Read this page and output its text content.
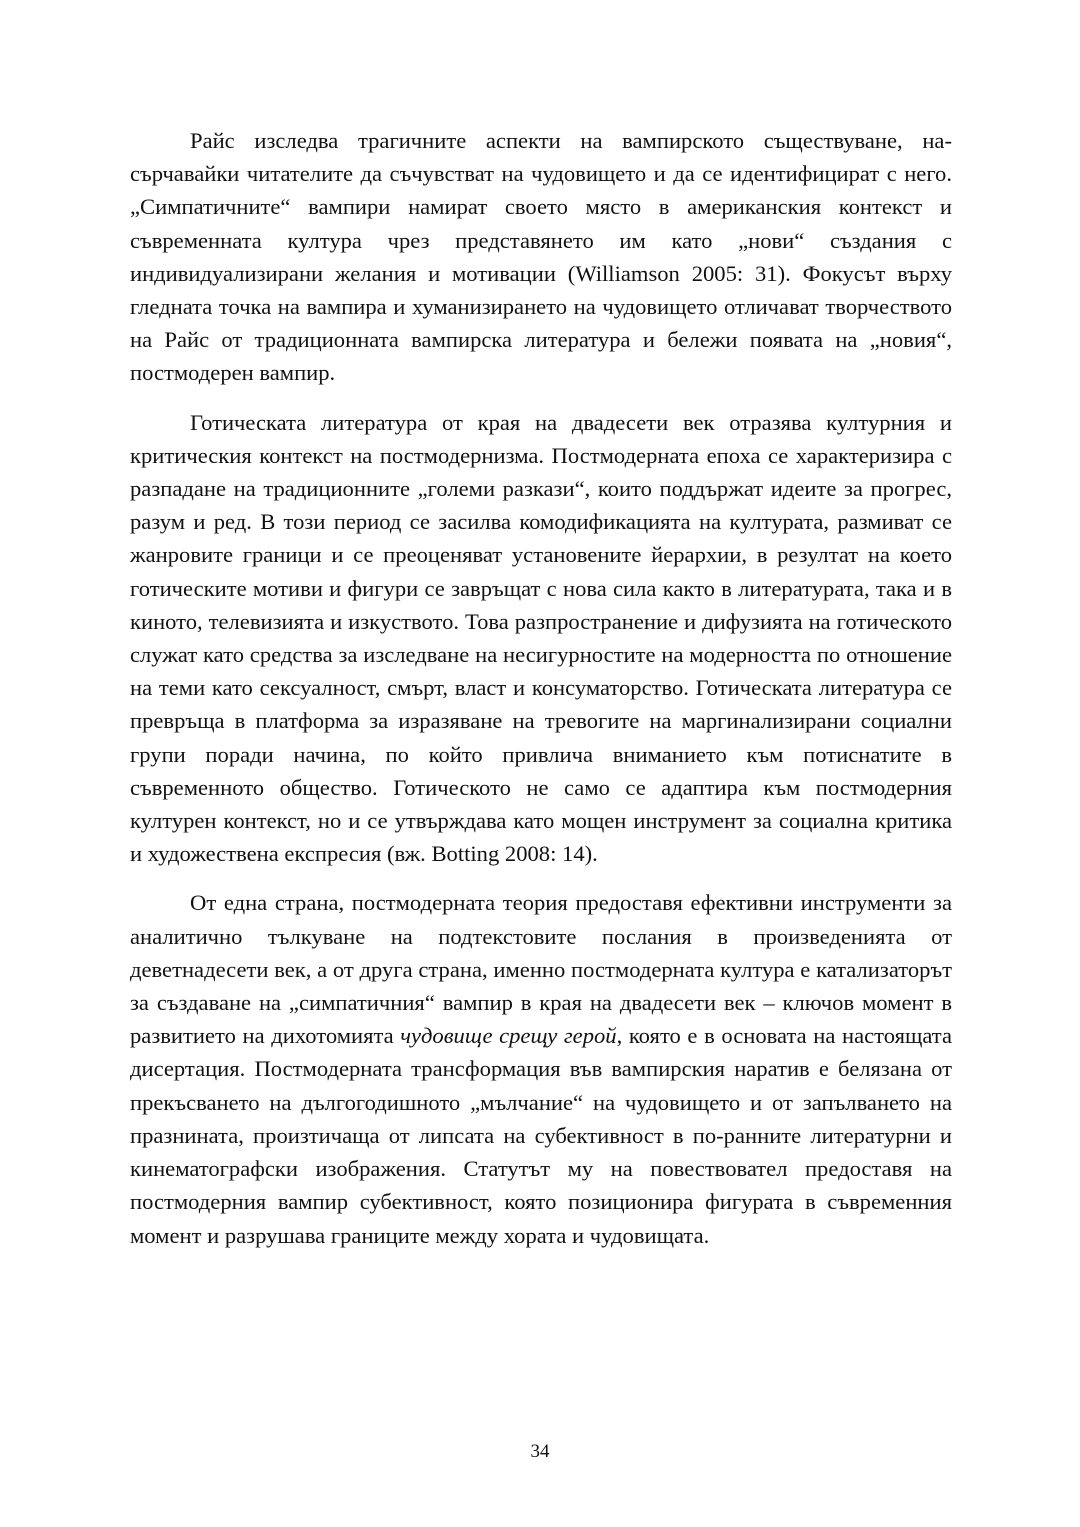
Райс изследва трагичните аспекти на вампирското съществуване, насърчавайки читателите да съчувстват на чудовището и да се идентифицират с него. „Симпатичните“ вампири намират своето място в американския контекст и съвременната култура чрез представянето им като „нови“ създания с индивидуализирани желания и мотивации (Williamson 2005: 31). Фокусът върху гледната точка на вампира и хуманизирането на чудовището отличават творчеството на Райс от традиционната вампирска литература и бележи появата на „новия“, постмодерен вампир.

Готическата литература от края на двадесети век отразява културния и критическия контекст на постмодернизма. Постмодерната епоха се характеризира с разпадане на традиционните „големи разкази“, които поддържат идеите за прогрес, разум и ред. В този период се засилва комодификацията на културата, размиват се жанровите граници и се преоценяват установените йерархии, в резултат на което готическите мотиви и фигури се завръщат с нова сила както в литературата, така и в киното, телевизията и изкуството. Това разпространение и дифузията на готическото служат като средства за изследване на несигурностите на модерността по отношение на теми като сексуалност, смърт, власт и консуматорство. Готическата литература се превръща в платформа за изразяване на тревогите на маргинализирани социални групи поради начина, по който привлича вниманието към потиснатите в съвременното общество. Готическото не само се адаптира към постмодерния културен контекст, но и се утвърждава като мощен инструмент за социална критика и художествена експресия (вж. Botting 2008: 14).

От една страна, постмодерната теория предоставя ефективни инструменти за аналитично тълкуване на подтекстовите послания в произведенията от деветнадесети век, а от друга страна, именно постмодерната култура е катализаторът за създаване на „симпатичния“ вампир в края на двадесети век – ключов момент в развитието на дихотомията чудовище срещу герой, която е в основата на настоящата дисертация. Постмодерната трансформация във вампирския наратив е белязана от прекъсването на дългогодишното „мълчание“ на чудовището и от запълването на празнината, произтичаща от липсата на субективност в по-ранните литературни и кинематографски изображения. Статутът му на повествовател предоставя на постмодерния вампир субективност, която позиционира фигурата в съвременния момент и разрушава границите между хората и чудовищата.

34
